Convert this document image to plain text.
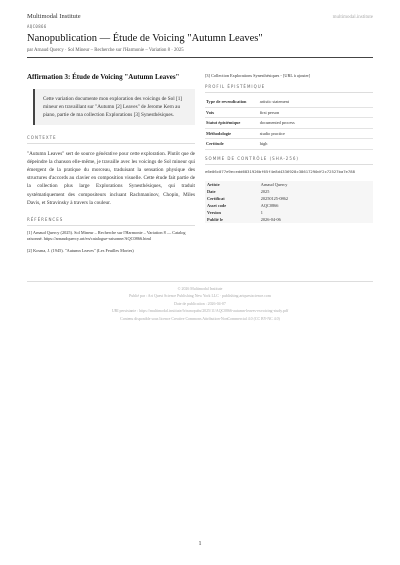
Multimodal Institute	multimodal.institute
AQC0866
Nanopublication — Étude de Voicing "Autumn Leaves"
par Arnaud Quercy · Sol Mineur – Recherche sur l'Harmonie – Variation 8 · 2025
Affirmation 3: Étude de Voicing "Autumn Leaves"
Cette variation documente mon exploration des voicings de Sol [1] mineur en travaillant sur "Autumn [2] Leaves" de Jerome Kern au piano, partie de ma collection Explorations [3] Synesthésiques.
CONTEXTE
"Autumn Leaves" sert de source générative pour cette exploration. Plutôt que de dépeindre la chanson elle-même, je travaille avec les voicings de Sol mineur qui émergent de la pratique du morceau, traduisant la sensation physique des structures d'accords au clavier en composition visuelle. Cette étude fait partie de la collection plus large Explorations Synesthésiques, qui traduit systématiquement des compositeurs incluant Rachmaninov, Chopin, Miles Davis, et Stravinsky à travers la couleur.
RÉFÉRENCES
[1] Arnaud Quercy (2025). Sol Mineur – Recherche sur l'Harmonie – Variation 8 — Catalog raisonné. https://arnaudquercy.art/en/catalogue-raisonne/AQC0866.html
[2] Kosma, J. (1945). "Autumn Leaves" (Les Feuilles Mortes)
[3] Collection Explorations Synesthésiques - [URL à ajouter]
PROFIL ÉPISTÉMIQUE
Type de revendication	artistic statement
Voix	first person
Statut épistémique	documented process
Méthodologie	studio practice
Certitude	high
SOMME DE CONTRÔLE (SHA-256)
e6e06c077e9ecedd6831926bf65f4e8d4336928c38617290df2c72527ba7e788
Artiste	Arnaud Quercy
Date	2025
Certificat	20250125-0862
Asset code	AQC0866
Version	1
Publié le	2026-04-06
© 2026 Multimodal Institute
Publié par : Art Quest Science Publishing New York LLC · publishing.artquestscience.com
Date de publication : 2026-04-07
URI persistante : https://multimodal.institute/fr/nanopubs/2025/11/AQC0866-autumn-leaves-exvoicing-study.pdf
Contenu disponible sous licence Creative Commons Attribution-NonCommercial 4.0 (CC BY-NC 4.0)
1
